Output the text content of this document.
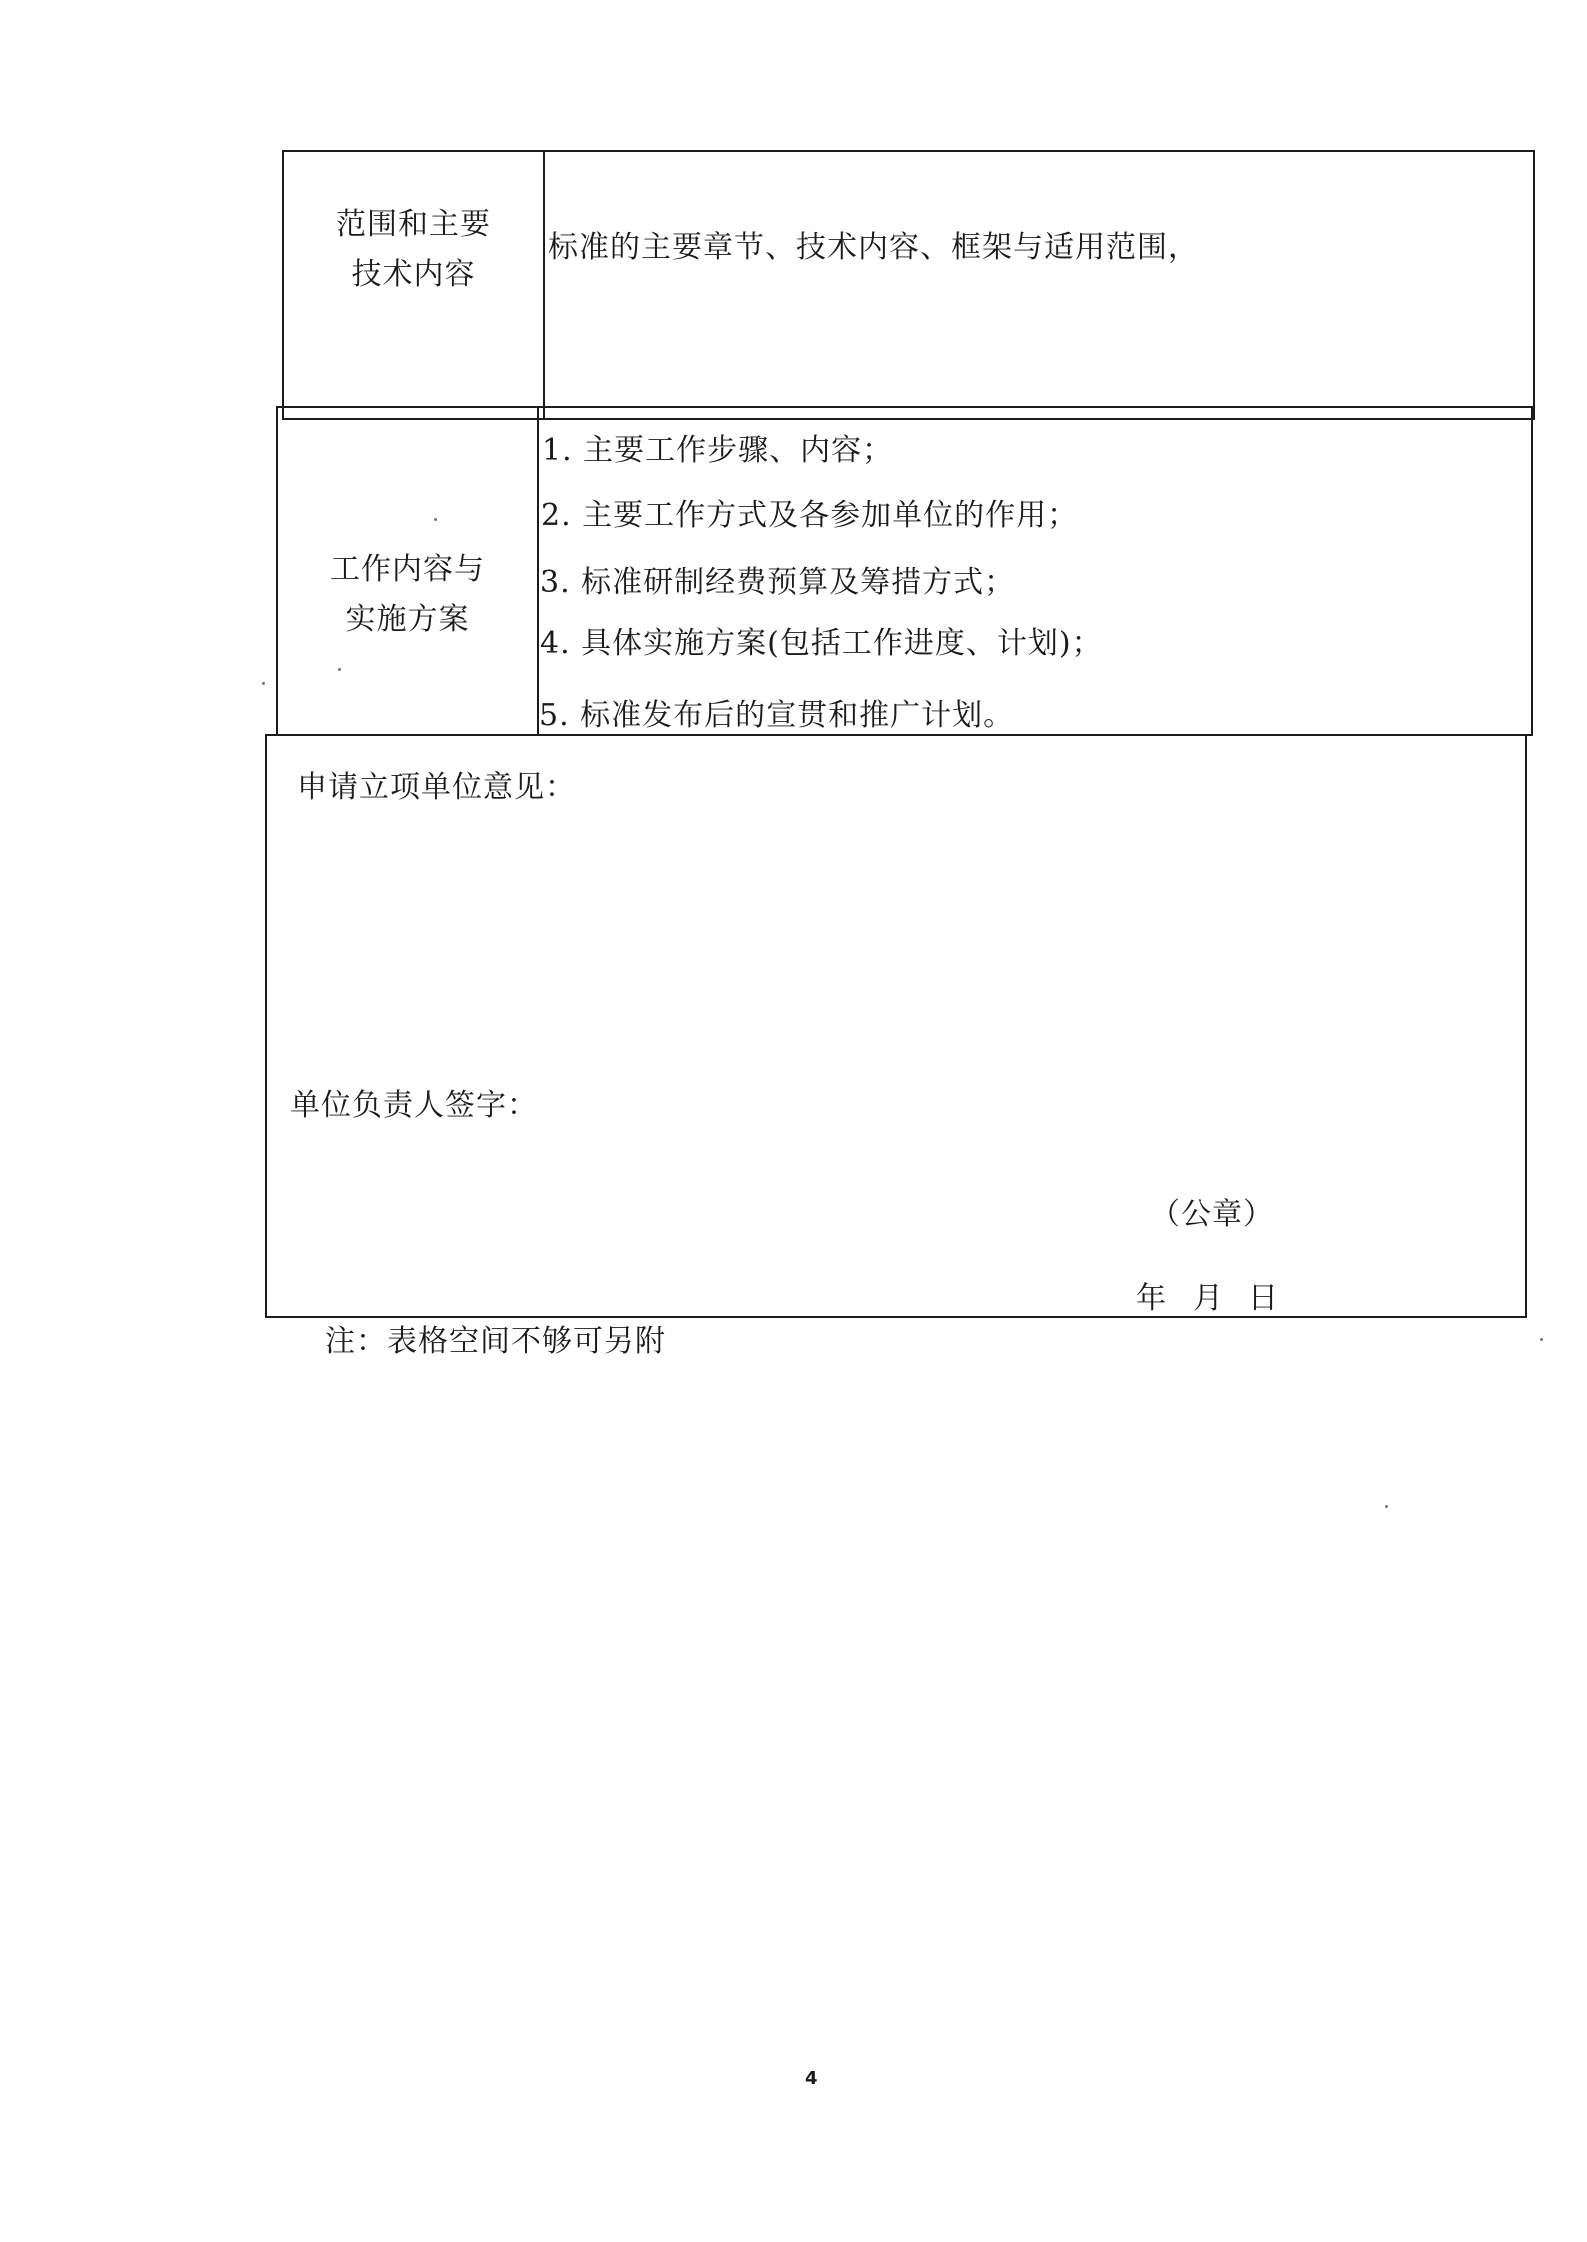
范围和主要
技术内容
标准的主要章节、技术内容、框架与适用范围，
工作内容与
实施方案
1. 主要工作步骤、内容；
2. 主要工作方式及各参加单位的作用；
3. 标准研制经费预算及筹措方式；
4. 具体实施方案(包括工作进度、计划)；
5. 标准发布后的宣贯和推广计划。
申请立项单位意见：
单位负责人签字：
（公章）
年 月 日
注：表格空间不够可另附
4
